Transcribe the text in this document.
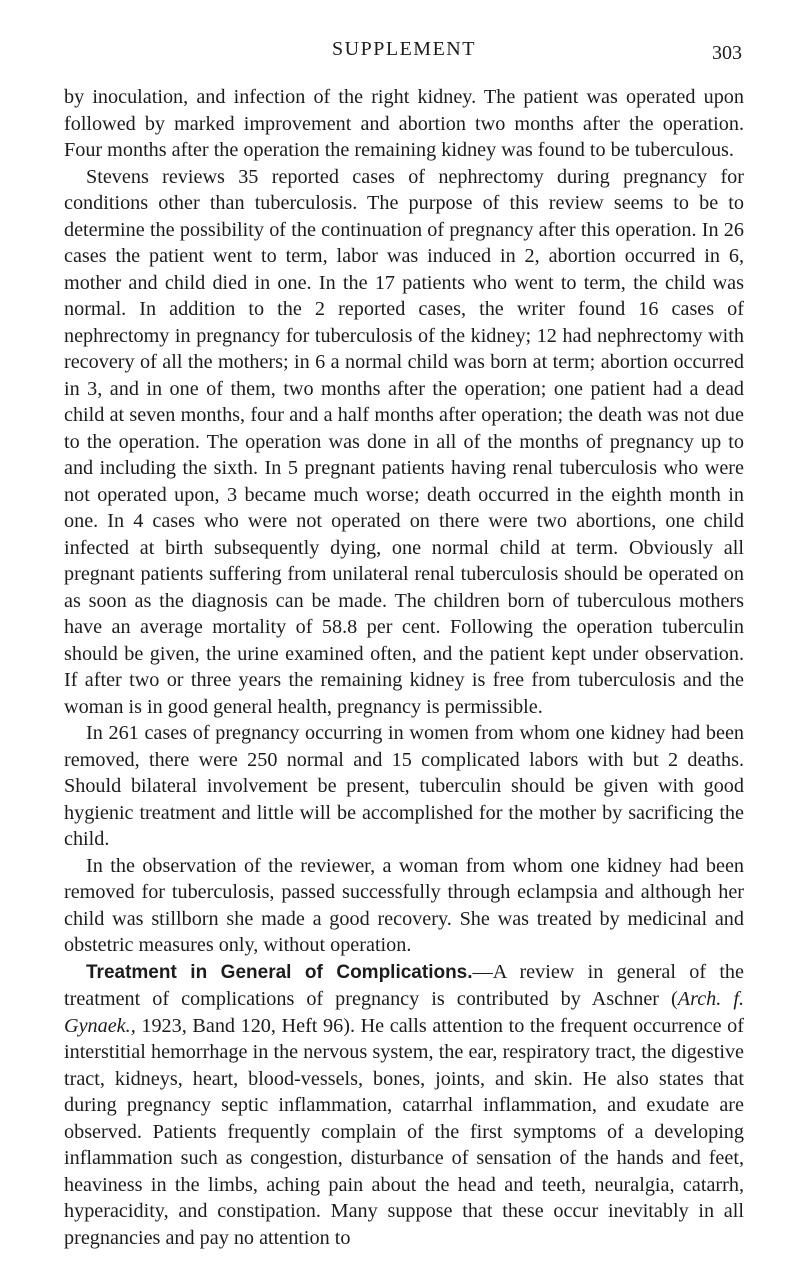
SUPPLEMENT	303

by inoculation, and infection of the right kidney. The patient was operated upon followed by marked improvement and abortion two months after the operation. Four months after the operation the remaining kidney was found to be tuberculous.

Stevens reviews 35 reported cases of nephrectomy during pregnancy for conditions other than tuberculosis. The purpose of this review seems to be to determine the possibility of the continuation of pregnancy after this operation. In 26 cases the patient went to term, labor was induced in 2, abortion occurred in 6, mother and child died in one. In the 17 patients who went to term, the child was normal. In addition to the 2 reported cases, the writer found 16 cases of nephrectomy in pregnancy for tuberculosis of the kidney; 12 had nephrectomy with recovery of all the mothers; in 6 a normal child was born at term; abortion occurred in 3, and in one of them, two months after the operation; one patient had a dead child at seven months, four and a half months after operation; the death was not due to the operation. The operation was done in all of the months of pregnancy up to and including the sixth. In 5 pregnant patients having renal tuberculosis who were not operated upon, 3 became much worse; death occurred in the eighth month in one. In 4 cases who were not operated on there were two abortions, one child infected at birth subsequently dying, one normal child at term. Obviously all pregnant patients suffering from unilateral renal tuberculosis should be operated on as soon as the diagnosis can be made. The children born of tuberculous mothers have an average mortality of 58.8 per cent. Following the operation tuberculin should be given, the urine examined often, and the patient kept under observation. If after two or three years the remaining kidney is free from tuberculosis and the woman is in good general health, pregnancy is permissible.

In 261 cases of pregnancy occurring in women from whom one kidney had been removed, there were 250 normal and 15 complicated labors with but 2 deaths. Should bilateral involvement be present, tuberculin should be given with good hygienic treatment and little will be accomplished for the mother by sacrificing the child.

In the observation of the reviewer, a woman from whom one kidney had been removed for tuberculosis, passed successfully through eclampsia and although her child was stillborn she made a good recovery. She was treated by medicinal and obstetric measures only, without operation.

Treatment in General of Complications.—A review in general of the treatment of complications of pregnancy is contributed by Aschner (Arch. f. Gynaek., 1923, Band 120, Heft 96). He calls attention to the frequent occurrence of interstitial hemorrhage in the nervous system, the ear, respiratory tract, the digestive tract, kidneys, heart, blood-vessels, bones, joints, and skin. He also states that during pregnancy septic inflammation, catarrhal inflammation, and exudate are observed. Patients frequently complain of the first symptoms of a developing inflammation such as congestion, disturbance of sensation of the hands and feet, heaviness in the limbs, aching pain about the head and teeth, neuralgia, catarrh, hyperacidity, and constipation. Many suppose that these occur inevitably in all pregnancies and pay no attention to
